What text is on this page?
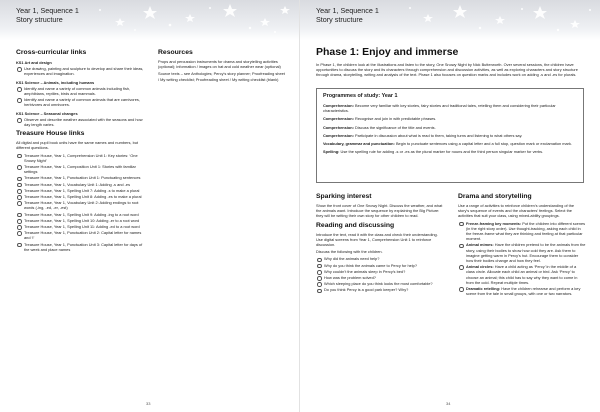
Year 1, Sequence 1
Story structure
Cross-curricular links
KS1 Art and design
Use drawing, painting and sculpture to develop and share their ideas, experiences and imagination.
KS1 Science – Animals, including humans
Identify and name a variety of common animals including fish, amphibians, reptiles, birds and mammals.
Identify and name a variety of common animals that are carnivores, herbivores and omnivores.
KS1 Science – Seasonal changes
Observe and describe weather associated with the seasons and how day length varies.
Treasure House links
All digital and pupil book units have the same names and numbers, but different questions.
Treasure House, Year 1, Comprehension Unit 1: Key stories: ‘One Snowy Night’
Treasure House, Year 1, Composition Unit 1: Stories with familiar settings
Treasure House, Year 1, Punctuation Unit 1: Punctuating sentences
Treasure House, Year 1, Vocabulary Unit 1: Adding -s and -es
Treasure House, Year 1, Spelling Unit 7: Adding -s to make a plural
Treasure House, Year 1, Spelling Unit 8: Adding -es to make a plural
Treasure House, Year 1, Vocabulary Unit 2: Adding endings to root words (-ing, -ed, -er, -est)
Treasure House, Year 1, Spelling Unit 9: Adding -ing to a root word
Treasure House, Year 1, Spelling Unit 10: Adding -er to a root word
Treasure House, Year 1, Spelling Unit 11: Adding -ed to a root word
Treasure House, Year 1, Punctuation Unit 2: Capital letter for names and ‘I’
Treasure House, Year 1, Punctuation Unit 3: Capital letter for days of the week and place names
Resources
Props and percussion instruments for drama and storytelling activities (optional); information / images on hat and cold weather wear (optional)
Source texts – see Anthologies; Percy’s story planner; Proofreading sheet / My writing checklist; Proofreading sheet / My writing checklist (blank)
33
Year 1, Sequence 1
Story structure
Phase 1: Enjoy and immerse
In Phase 1, the children look at the illustrations and listen to the story, One Snowy Night by Nick Butterworth. Over several sessions, the children have opportunities to discuss the story and its characters through comprehension and discussion activities, as well as exploring characters and story structure through drama, storytelling, writing and analysis of the text. Phase 1 also focuses on question marks and includes work on adding -s and -es for plurals.
Programmes of study: Year 1
Comprehension: Become very familiar with key stories, fairy stories and traditional tales, retelling them and considering their particular characteristics.
Comprehension: Recognise and join in with predictable phrases.
Comprehension: Discuss the significance of the title and events.
Comprehension: Participate in discussion about what is read to them, taking turns and listening to what others say.
Vocabulary, grammar and punctuation: Begin to punctuate sentences using a capital letter and a full stop, question mark or exclamation mark.
Spelling: Use the spelling rule for adding -s or -es as the plural marker for nouns and the third person singular marker for verbs.
Sparking interest
Show the front cover of One Snowy Night. Discuss the weather, and what the animals want. Introduce the sequence by explaining the Big Picture: they will be writing their own story for other children to read.
Reading and discussing
Introduce the text, read it with the class and check their understanding. Use digital screens from Year 1, Comprehension Unit 1 to reinforce discussion.
Discuss the following with the children.
Why did the animals need help?
Why do you think the animals came to Percy for help?
Why couldn’t the animals sleep in Percy’s bed?
How was the problem solved?
Which sleeping place do you think looks the most comfortable?
Do you think Percy is a good park keeper? Why?
Drama and storytelling
Use a range of activities to reinforce children’s understanding of the story’s sequence of events and the characters’ feelings. Select the activities that suit your class, using mixed-ability groupings.
Freeze-framing key moments: Put the children into different scenes (in the right story order). Use thought-tracking, asking each child in the freeze-frame what they are thinking and feeling at that particular moment.
Animal mimes: Have the children pretend to be the animals from the story, using their bodies to show how cold they are. Ask them to imagine getting warm in Percy’s hut. Encourage them to consider how their bodies change and how they feel.
Animal circles: Have a child acting as ‘Percy’ in the middle of a class circle. Allocate each child an animal or bird. Ask ‘Percy’ to choose an animal; this child has to say why they want to come in from the cold. Repeat multiple times.
Dramatic retelling: Have the children rehearse and perform a key scene from the tale in small groups, with one or two narrators.
34
